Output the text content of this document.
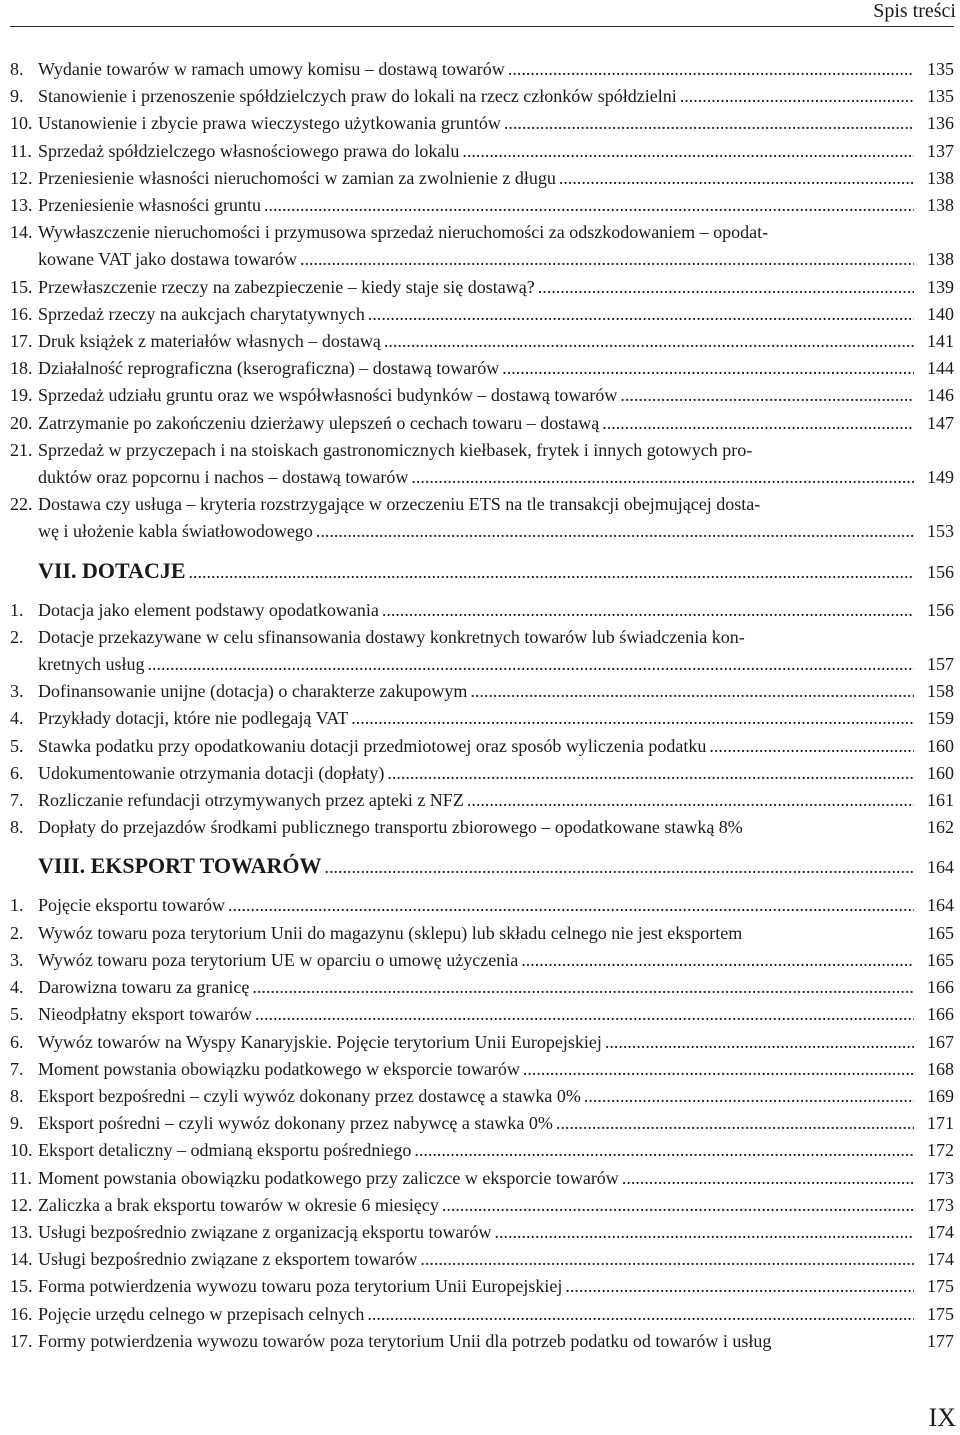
Spis treści
8. Wydanie towarów w ramach umowy komisu – dostawą towarów .....	135
9. Stanowienie i przenoszenie spółdzielczych praw do lokali na rzecz członków spółdzielni .....	135
10. Ustanowienie i zbycie prawa wieczystego użytkowania gruntów .....	136
11. Sprzedaż spółdzielczego własnościowego prawa do lokalu .....	137
12. Przeniesienie własności nieruchomości w zamian za zwolnienie z długu .....	138
13. Przeniesienie własności gruntu .....	138
14. Wywłaszczenie nieruchomości i przymusowa sprzedaż nieruchomości za odszkodowaniem – opodat-
kowane VAT jako dostawa towarów .....	138
15. Przewłaszczenie rzeczy na zabezpieczenie – kiedy staje się dostawą? .....	139
16. Sprzedaż rzeczy na aukcjach charytatywnych .....	140
17. Druk książek z materiałów własnych – dostawą .....	141
18. Działalność reprograficzna (kserograficzna) – dostawą towarów .....	144
19. Sprzedaż udziału gruntu oraz we współwłasności budynków – dostawą towarów .....	146
20. Zatrzymanie po zakończeniu dzierżawy ulepszeń o cechach towaru – dostawą .....	147
21. Sprzedaż w przyczepach i na stoiskach gastronomicznych kiełbasek, frytek i innych gotowych pro-
duktów oraz popcornu i nachos – dostawą towarów .....	149
22. Dostawa czy usługa – kryteria rozstrzygające w orzeczeniu ETS na tle transakcji obejmującej dosta-
wę i ułożenie kabla światłowodowego .....	153
VII. DOTACJE .....	156
1. Dotacja jako element podstawy opodatkowania .....	156
2. Dotacje przekazywane w celu sfinansowania dostawy konkretnych towarów lub świadczenia kon-
kretnych usług .....	157
3. Dofinansowanie unijne (dotacja) o charakterze zakupowym .....	158
4. Przykłady dotacji, które nie podlegają VAT .....	159
5. Stawka podatku przy opodatkowaniu dotacji przedmiotowej oraz sposób wyliczenia podatku .....	160
6. Udokumentowanie otrzymania dotacji (dopłaty) .....	160
7. Rozliczanie refundacji otrzymywanych przez apteki z NFZ .....	161
8. Dopłaty do przejazdów środkami publicznego transportu zbiorowego – opodatkowane stawką 8%	162
VIII. EKSPORT TOWARÓW .....	164
1. Pojęcie eksportu towarów .....	164
2. Wywóz towaru poza terytorium Unii do magazynu (sklepu) lub składu celnego nie jest eksportem	165
3. Wywóz towaru poza terytorium UE w oparciu o umowę użyczenia .....	165
4. Darowizna towaru za granicę .....	166
5. Nieodpłatny eksport towarów .....	166
6. Wywóz towarów na Wyspy Kanaryjskie. Pojęcie terytorium Unii Europejskiej .....	167
7. Moment powstania obowiązku podatkowego w eksporcie towarów .....	168
8. Eksport bezpośredni – czyli wywóz dokonany przez dostawcę a stawka 0% .....	169
9. Eksport pośredni – czyli wywóz dokonany przez nabywcę a stawka 0% .....	171
10. Eksport detaliczny – odmianą eksportu pośredniego .....	172
11. Moment powstania obowiązku podatkowego przy zaliczce w eksporcie towarów .....	173
12. Zaliczka a brak eksportu towarów w okresie 6 miesięcy .....	173
13. Usługi bezpośrednio związane z organizacją eksportu towarów .....	174
14. Usługi bezpośrednio związane z eksportem towarów .....	174
15. Forma potwierdzenia wywozu towaru poza terytorium Unii Europejskiej .....	175
16. Pojęcie urzędu celnego w przepisach celnych .....	175
17. Formy potwierdzenia wywozu towarów poza terytorium Unii dla potrzeb podatku od towarów i usług	177
IX
